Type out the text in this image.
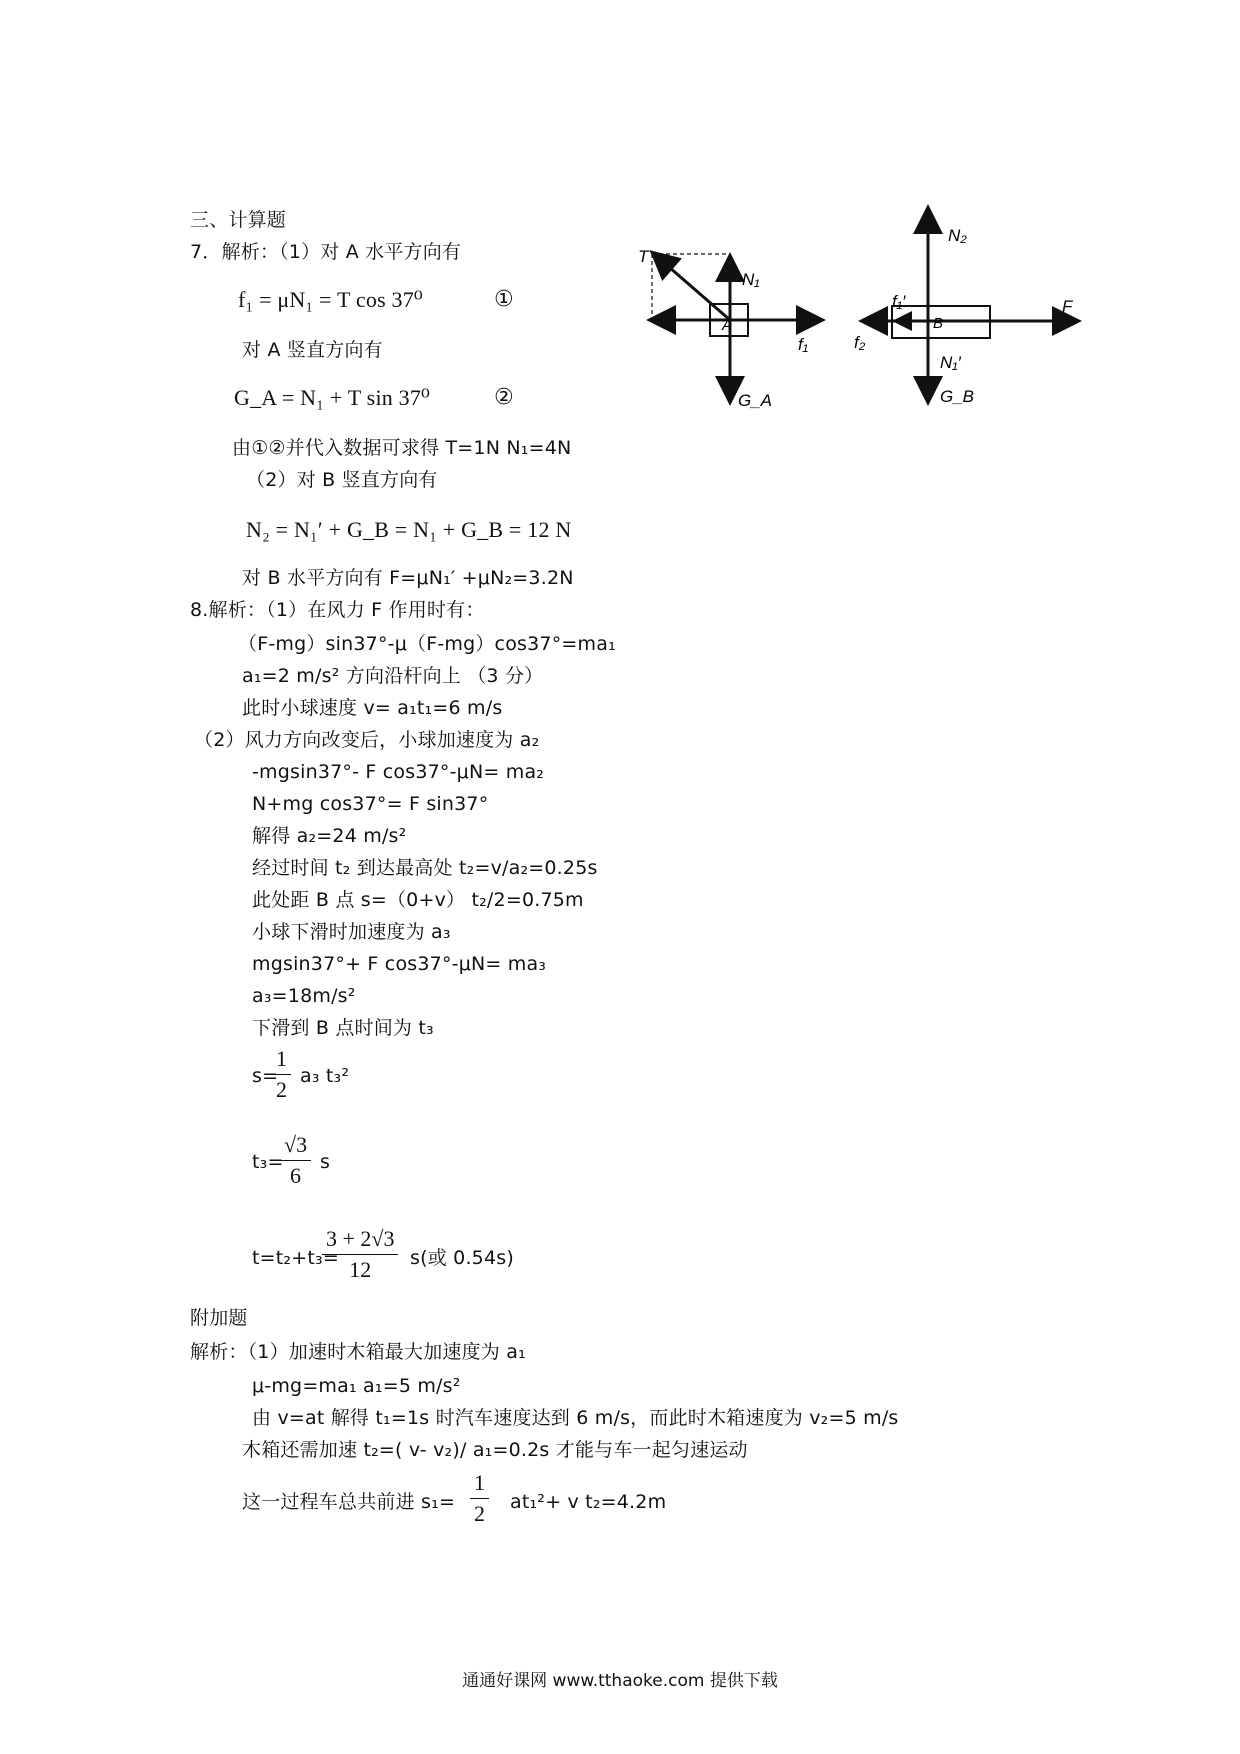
三、计算题
7．解析：（1）对 A 水平方向有
f₁ = μN₁ = T cos 37⁰	①
对 A 竖直方向有
G_A = N₁ + T sin 37⁰	②
由①②并代入数据可求得 T=1N N₁=4N
（2）对 B 竖直方向有
N₂ = N₁′ + G_B = N₁ + G_B = 12 N
对 B 水平方向有 F=μN₁′ +μN₂=3.2N
T
N₁
A
f₁
G_A
N₂
f₁′	F
B
f₂
N₁′
G_B
8.解析：（1）在风力 F 作用时有：
（F-mg）sin37°-μ（F-mg）cos37°=ma₁
a₁=2 m/s² 方向沿杆向上 （3 分）
此时小球速度 v= a₁t₁=6 m/s
（2）风力方向改变后，小球加速度为 a₂
-mgsin37°- F cos37°-μN= ma₂
N+mg cos37°= F sin37°
解得 a₂=24 m/s²
经过时间 t₂ 到达最高处 t₂=v/a₂=0.25s
此处距 B 点 s=（0+v） t₂/2=0.75m
小球下滑时加速度为 a₃
mgsin37°+ F cos37°-μN= ma₃
a₃=18m/s²
下滑到 B 点时间为 t₃
s=
$\frac{1}{2} a_3$ t₃²
t₃=
$\frac{√3}{6}$ s
t=t₂+t₃=
$\frac{3 + 2√3}{12} s$(或 0.54s)
附加题
解析：（1）加速时木箱最大加速度为 a₁
μ-mg=ma₁ a₁=5 m/s²
由 v=at 解得 t₁=1s 时汽车速度达到 6 m/s，而此时木箱速度为 v₂=5 m/s
木箱还需加速 t₂=( v- v₂)/ a₁=0.2s 才能与车一起匀速运动
这一过程车总共前进 $s_1= \frac{1}{2} at_1^2+ v$ t₂=4.2m
通通好课网 www.tthaoke.com 提供下载
